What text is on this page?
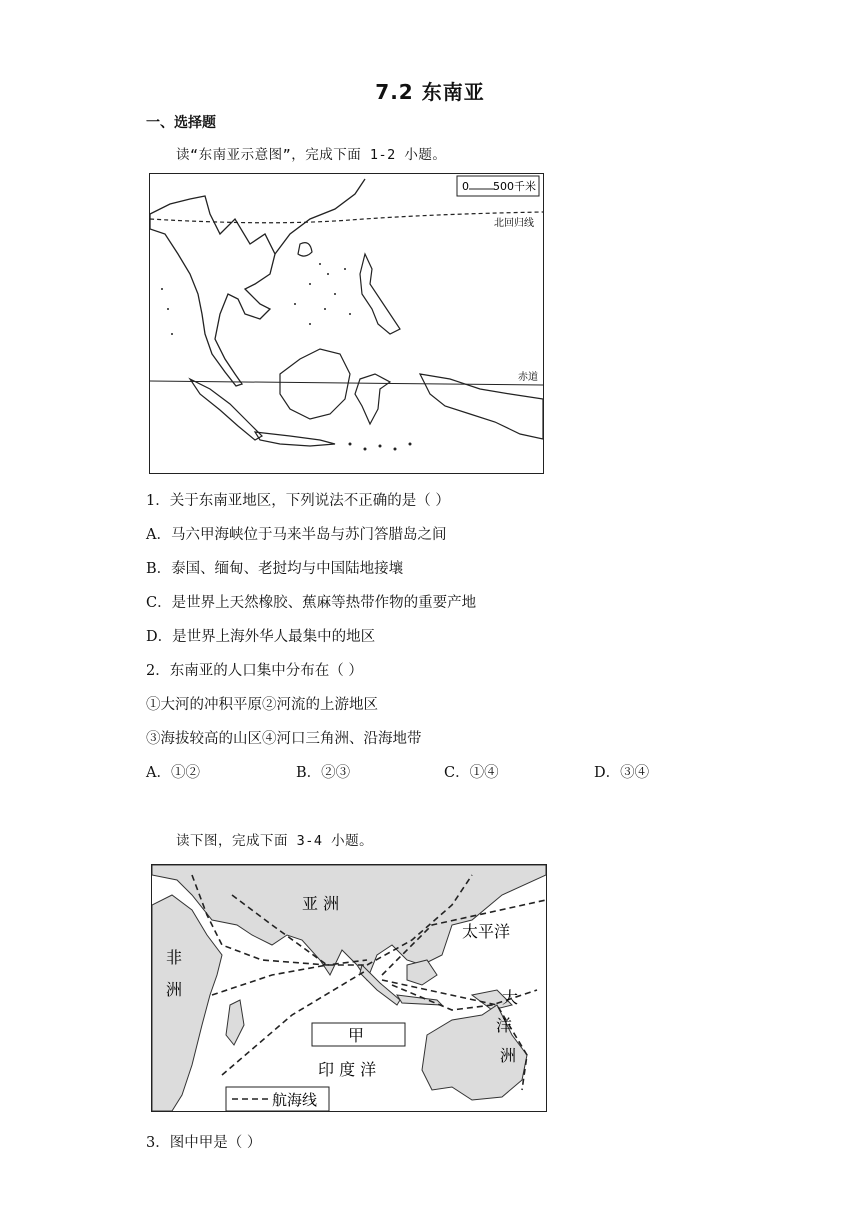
7.2 东南亚
一、选择题
读“东南亚示意图”，完成下面 1-2 小题。
0 500千米
北回归线
赤道
1．关于东南亚地区，下列说法不正确的是（ ）
A．马六甲海峡位于马来半岛与苏门答腊岛之间
B．泰国、缅甸、老挝均与中国陆地接壤
C．是世界上天然橡胶、蕉麻等热带作物的重要产地
D．是世界上海外华人最集中的地区
2．东南亚的人口集中分布在（ ）
①大河的冲积平原②河流的上游地区
③海拔较高的山区④河口三角洲、沿海地带
A．①②	B．②③	C．①④	D．③④
读下图，完成下面 3-4 小题。
亚 洲
非
洲
太平洋
甲
印 度 洋
大
洋
洲
航海线
3．图中甲是（ ）
